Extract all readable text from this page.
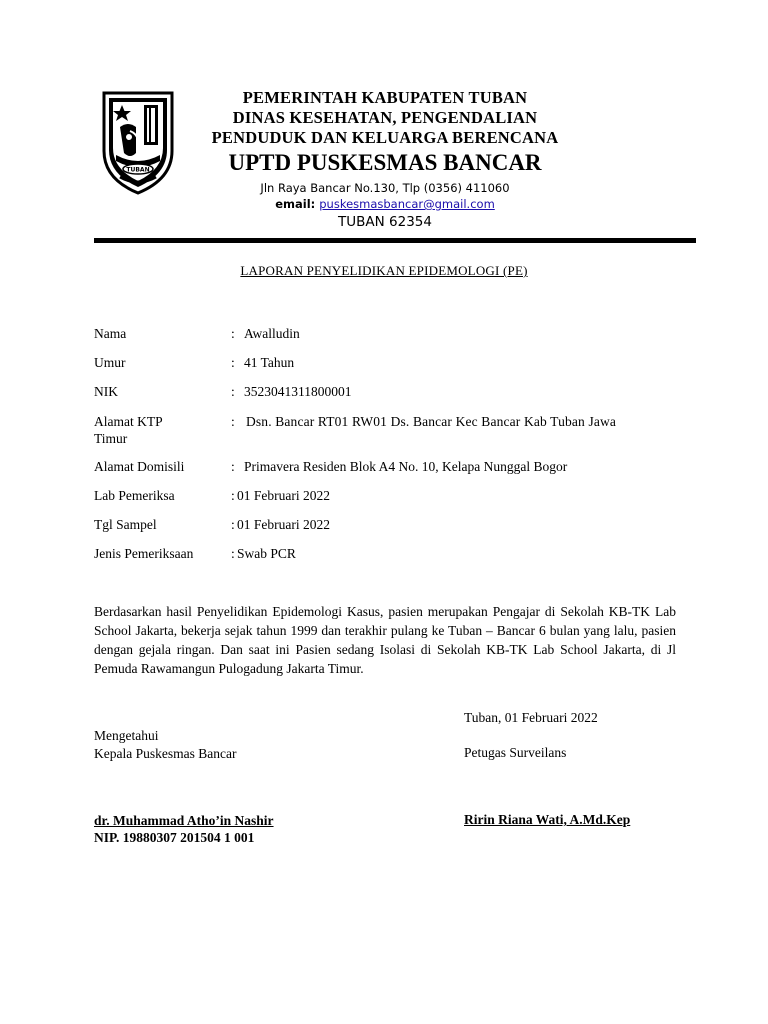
TUBAN
PEMERINTAH KABUPATEN TUBAN
DINAS KESEHATAN, PENGENDALIAN
PENDUDUK DAN KELUARGA BERENCANA
UPTD PUSKESMAS BANCAR
Jln Raya Bancar No.130, Tlp (0356) 411060
email: puskesmasbancar@gmail.com
TUBAN 62354
LAPORAN PENYELIDIKAN EPIDEMOLOGI (PE)
Nama	: Awalludin
Umur	: 41 Tahun
NIK	: 3523041311800001
Alamat KTP	: Dsn. Bancar RT01 RW01 Ds. Bancar Kec Bancar Kab Tuban Jawa
Timur
Alamat Domisili	: Primavera Residen Blok A4 No. 10, Kelapa Nunggal Bogor
Lab Pemeriksa	: 01 Februari 2022
Tgl Sampel	: 01 Februari 2022
Jenis Pemeriksaan	: Swab PCR
Berdasarkan hasil Penyelidikan Epidemologi Kasus, pasien merupakan Pengajar di Sekolah KB-TK Lab School Jakarta, bekerja sejak tahun 1999 dan terakhir pulang ke Tuban – Bancar 6 bulan yang lalu, pasien dengan gejala ringan. Dan saat ini Pasien sedang Isolasi di Sekolah KB-TK Lab School Jakarta, di Jl Pemuda Rawamangun Pulogadung Jakarta Timur.
Tuban, 01 Februari 2022
Mengetahui
Kepala Puskesmas Bancar	Petugas Surveilans
dr. Muhammad Atho’in Nashir
NIP. 19880307 201504 1 001
Ririn Riana Wati, A.Md.Kep
